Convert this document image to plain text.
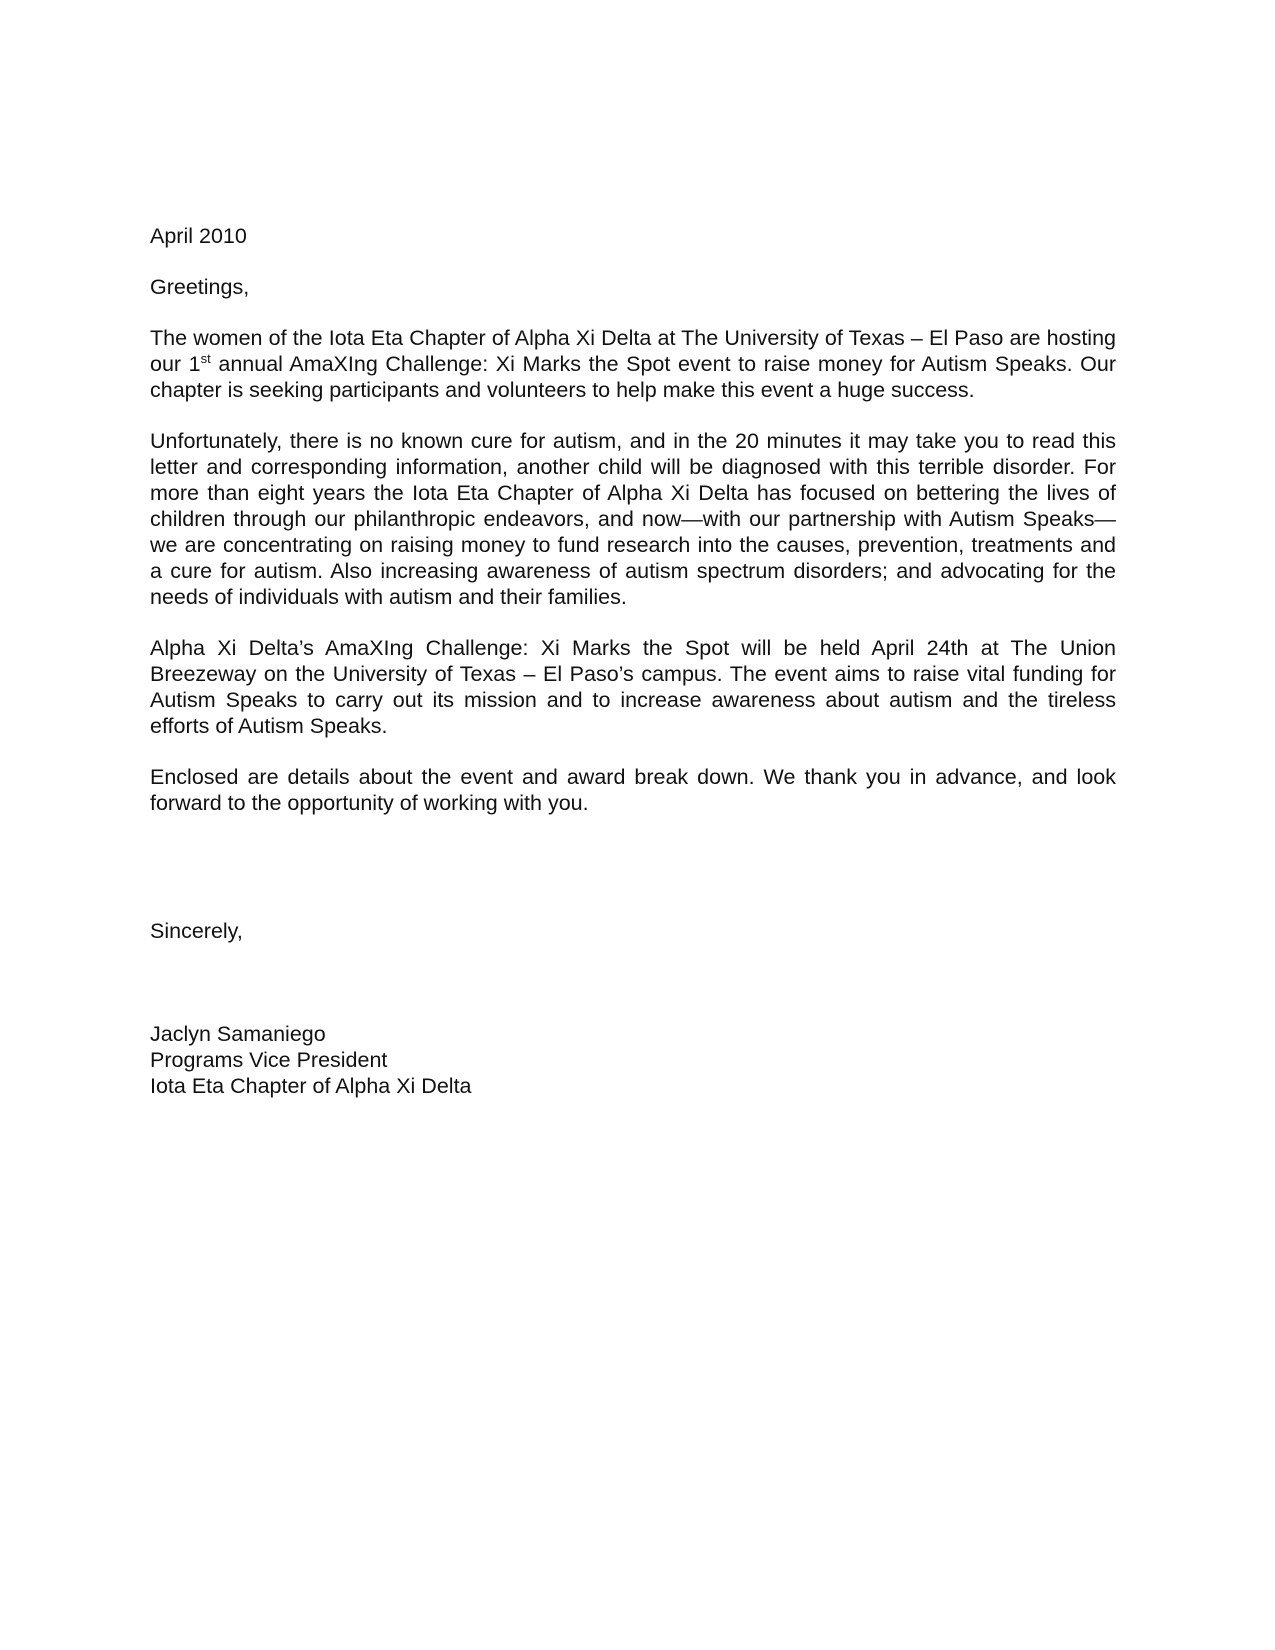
April 2010

Greetings,

The women of the Iota Eta Chapter of Alpha Xi Delta at The University of Texas – El Paso are hosting our 1st annual AmaXIng Challenge: Xi Marks the Spot event to raise money for Autism Speaks. Our chapter is seeking participants and volunteers to help make this event a huge success.

Unfortunately, there is no known cure for autism, and in the 20 minutes it may take you to read this letter and corresponding information, another child will be diagnosed with this terrible disorder. For more than eight years the Iota Eta Chapter of Alpha Xi Delta has focused on bettering the lives of children through our philanthropic endeavors, and now—with our partnership with Autism Speaks—we are concentrating on raising money to fund research into the causes, prevention, treatments and a cure for autism. Also increasing awareness of autism spectrum disorders; and advocating for the needs of individuals with autism and their families.

Alpha Xi Delta’s AmaXIng Challenge: Xi Marks the Spot will be held April 24th at The Union Breezeway on the University of Texas – El Paso’s campus. The event aims to raise vital funding for Autism Speaks to carry out its mission and to increase awareness about autism and the tireless efforts of Autism Speaks.

Enclosed are details about the event and award break down. We thank you in advance, and look forward to the opportunity of working with you.

Sincerely,

Jaclyn Samaniego

Programs Vice President

Iota Eta Chapter of Alpha Xi Delta
